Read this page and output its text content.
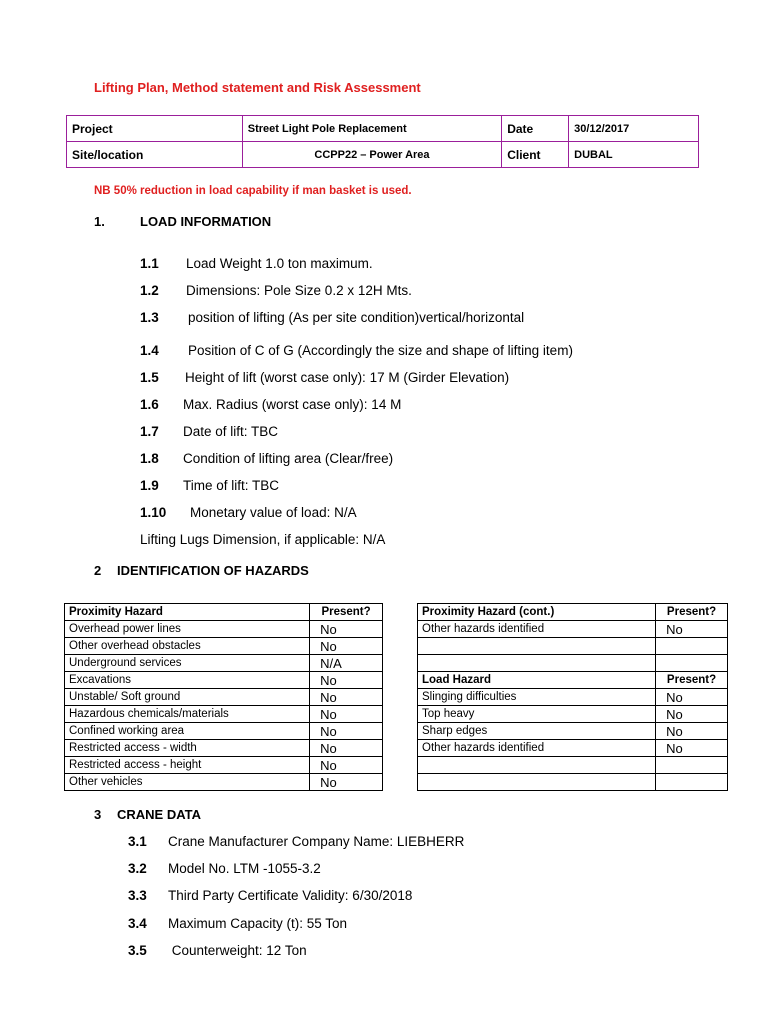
Lifting Plan, Method statement and Risk Assessment
Project	Street Light Pole Replacement	Date	30/12/2017
Site/location	CCPP22 – Power Area	Client	DUBAL
NB 50% reduction in load capability if man basket is used.
1.	LOAD INFORMATION
1.1 Load Weight 1.0 ton maximum.
1.2 Dimensions: Pole Size 0.2 x 12H Mts.
1.3 position of lifting (As per site condition)vertical/horizontal
1.4 Position of C of G (Accordingly the size and shape of lifting item)
1.5 Height of lift (worst case only): 17 M (Girder Elevation)
1.6 Max. Radius (worst case only): 14 M
1.7 Date of lift: TBC
1.8 Condition of lifting area (Clear/free)
1.9 Time of lift: TBC
1.10 Monetary value of load: N/A
Lifting Lugs Dimension, if applicable: N/A
2 IDENTIFICATION OF HAZARDS
Proximity Hazard	Present?
Overhead power lines	No
Other overhead obstacles	No
Underground services	N/A
Excavations	No
Unstable/ Soft ground	No
Hazardous chemicals/materials	No
Confined working area	No
Restricted access - width	No
Restricted access - height	No
Other vehicles	No
Proximity Hazard (cont.)	Present?
Other hazards identified	No

Load Hazard	Present?
Slinging difficulties	No
Top heavy	No
Sharp edges	No
Other hazards identified	No

3 CRANE DATA
3.1 Crane Manufacturer Company Name: LIEBHERR
3.2 Model No. LTM -1055-3.2
3.3 Third Party Certificate Validity: 6/30/2018
3.4 Maximum Capacity (t): 55 Ton
3.5 Counterweight: 12 Ton
